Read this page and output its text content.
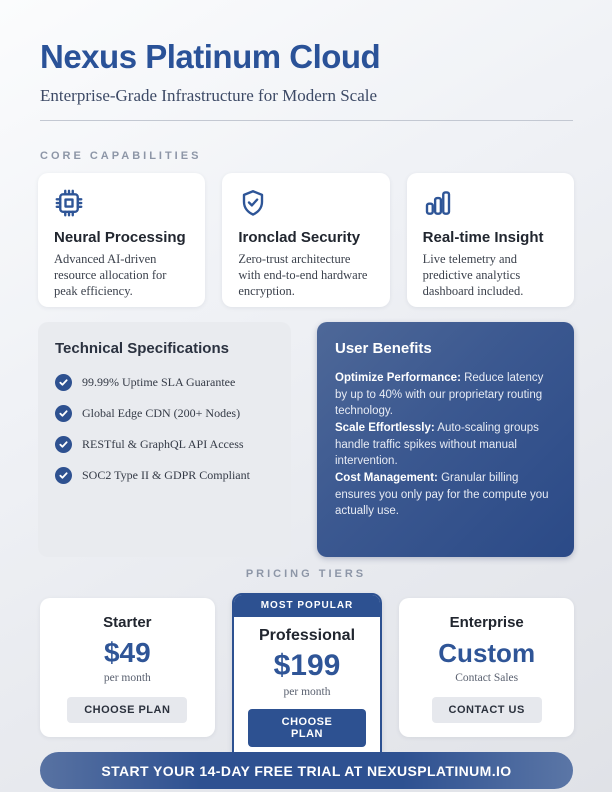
Nexus Platinum Cloud
Enterprise-Grade Infrastructure for Modern Scale
CORE CAPABILITIES
Neural Processing
Advanced AI-driven resource allocation for peak efficiency.
Ironclad Security
Zero-trust architecture with end-to-end hardware encryption.
Real-time Insight
Live telemetry and predictive analytics dashboard included.
Technical Specifications
99.99% Uptime SLA Guarantee
Global Edge CDN (200+ Nodes)
RESTful & GraphQL API Access
SOC2 Type II & GDPR Compliant
User Benefits

Optimize Performance: Reduce latency by up to 40% with our proprietary routing technology.

Scale Effortlessly: Auto-scaling groups handle traffic spikes without manual intervention.

Cost Management: Granular billing ensures you only pay for the compute you actually use.

PRICING TIERS
Starter
$49
per month
CHOOSE PLAN
MOST POPULAR
Professional
$199
per month
CHOOSE PLAN
Enterprise
Custom
Contact Sales
CONTACT US
START YOUR 14-DAY FREE TRIAL AT NEXUSPLATINUM.IO
